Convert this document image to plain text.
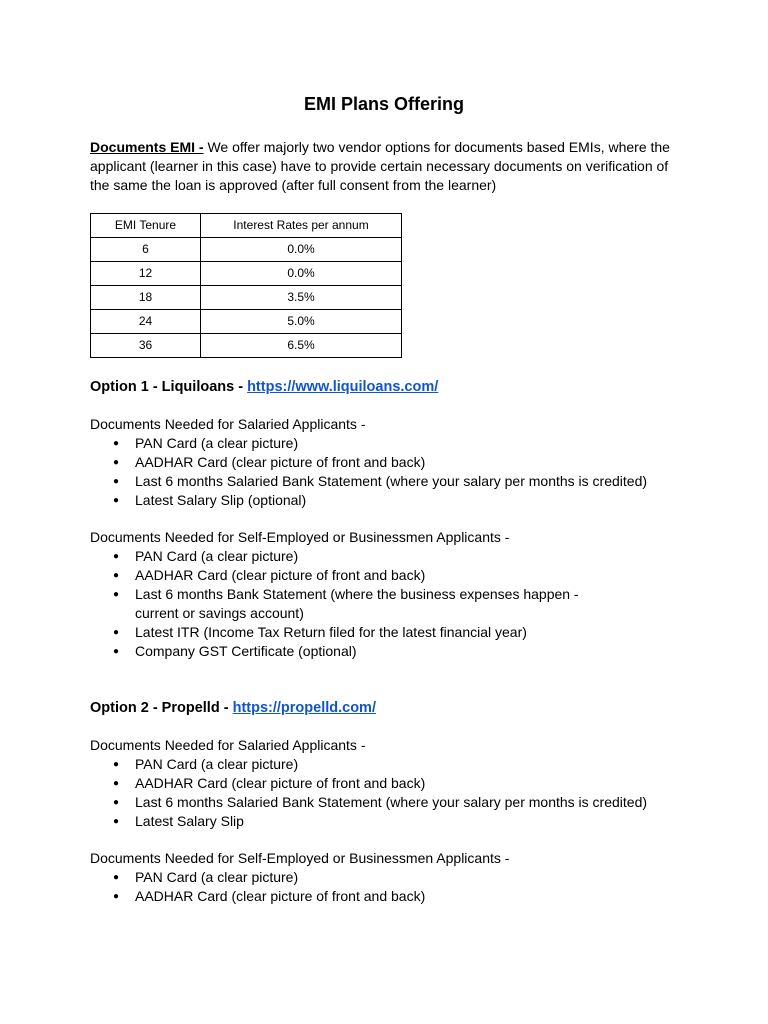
EMI Plans Offering

Documents EMI - We offer majorly two vendor options for documents based EMIs, where the applicant (learner in this case) have to provide certain necessary documents on verification of the same the loan is approved (after full consent from the learner)

EMI Tenure	Interest Rates per annum
6	0.0%
12	0.0%
18	3.5%
24	5.0%
36	6.5%
Option 1 - Liquiloans - https://www.liquiloans.com/

Documents Needed for Salaried Applicants -

● PAN Card (a clear picture)
● AADHAR Card (clear picture of front and back)
● Last 6 months Salaried Bank Statement (where your salary per months is credited)
● Latest Salary Slip (optional)

Documents Needed for Self-Employed or Businessmen Applicants -

● PAN Card (a clear picture)
● AADHAR Card (clear picture of front and back)
● Last 6 months Bank Statement (where the business expenses happen - current or savings account)
● Latest ITR (Income Tax Return filed for the latest financial year)
● Company GST Certificate (optional)
Option 2 - Propelld - https://propelld.com/

Documents Needed for Salaried Applicants -

● PAN Card (a clear picture)
● AADHAR Card (clear picture of front and back)
● Last 6 months Salaried Bank Statement (where your salary per months is credited)
● Latest Salary Slip

Documents Needed for Self-Employed or Businessmen Applicants -

● PAN Card (a clear picture)
● AADHAR Card (clear picture of front and back)
